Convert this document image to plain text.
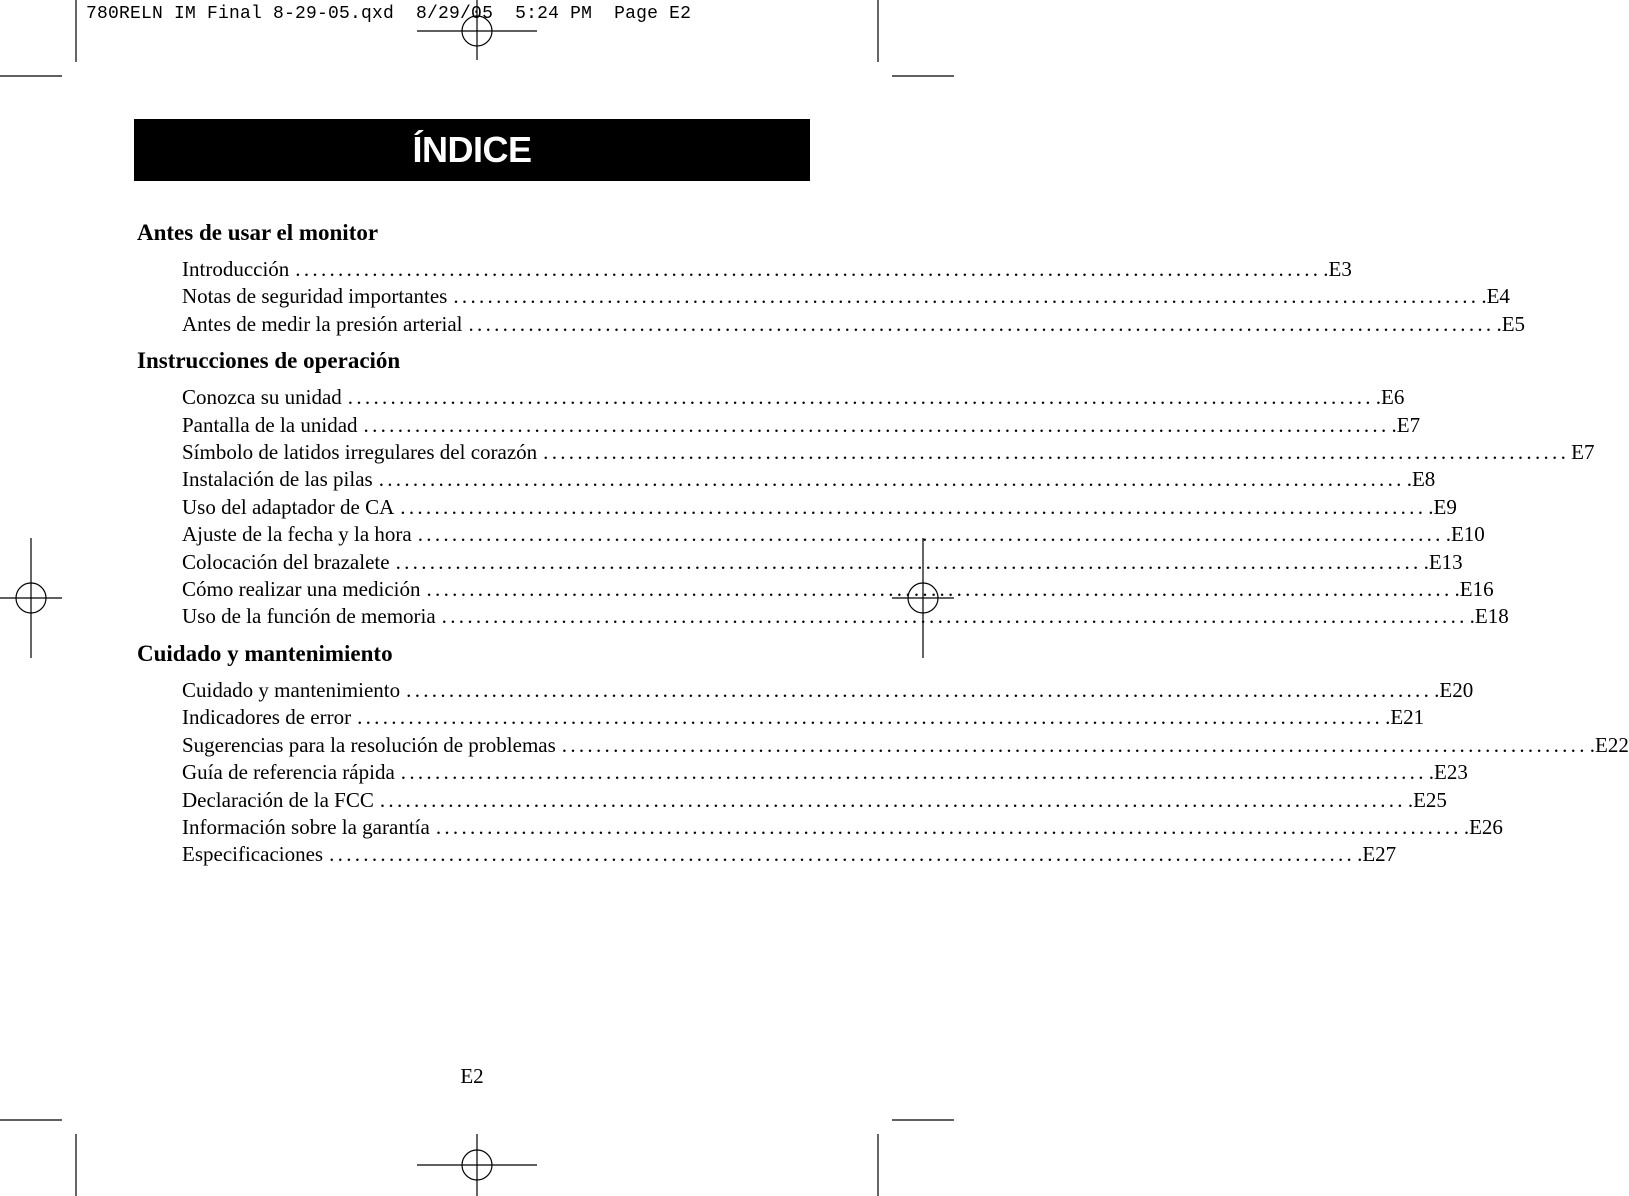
780RELN IM Final 8-29-05.qxd  8/29/05  5:24 PM  Page E2

ÍNDICE
Antes de usar el monitor
Introducción ........................................................................................................................ .E3
Notas de seguridad importantes ........................................................................................................................ .E4
Antes de medir la presión arterial ........................................................................................................................ .E5
Instrucciones de operación
Conozca su unidad ........................................................................................................................ .E6
Pantalla de la unidad ........................................................................................................................ .E7
Símbolo de latidos irregulares del corazón ........................................................................................................................ E7
Instalación de las pilas ........................................................................................................................ .E8
Uso del adaptador de CA ........................................................................................................................ .E9
Ajuste de la fecha y la hora ........................................................................................................................ .E10
Colocación del brazalete ........................................................................................................................ .E13
Cómo realizar una medición ........................................................................................................................ .E16
Uso de la función de memoria ........................................................................................................................ .E18
Cuidado y mantenimiento
Cuidado y mantenimiento ........................................................................................................................ .E20
Indicadores de error ........................................................................................................................ .E21
Sugerencias para la resolución de problemas ........................................................................................................................ .E22
Guía de referencia rápida ........................................................................................................................ .E23
Declaración de la FCC ........................................................................................................................ .E25
Información sobre la garantía ........................................................................................................................ .E26
Especificaciones ........................................................................................................................ .E27
E2
